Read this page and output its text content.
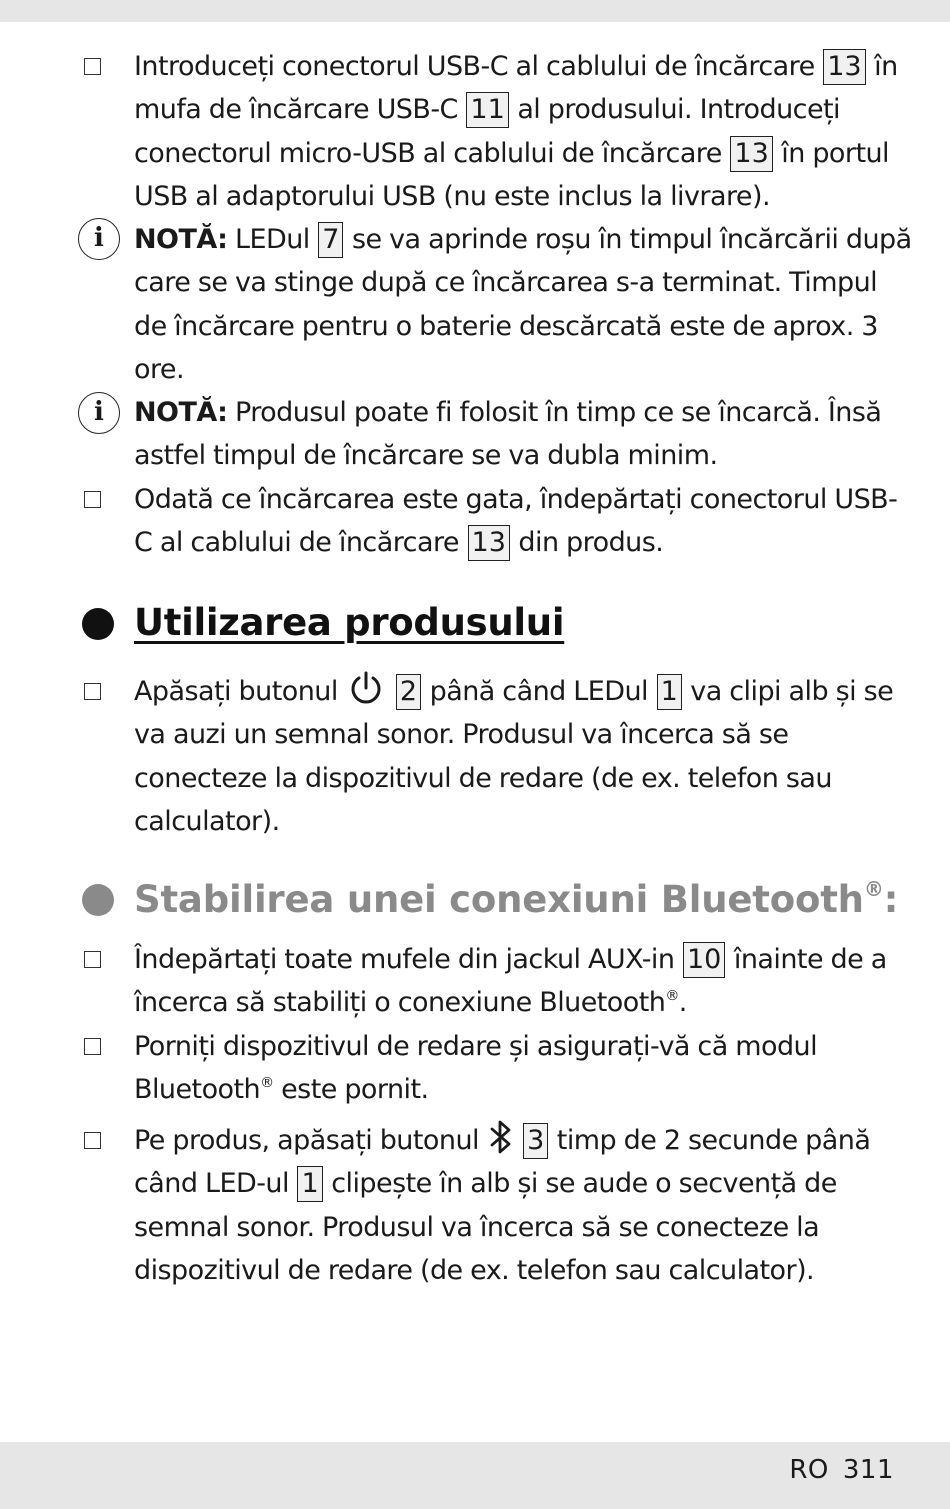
Introduceți conectorul USB-C al cablului de încărcare 13 în mufa de încărcare USB-C 11 al produsului. Introduceți conectorul micro-USB al cablului de încărcare 13 în portul USB al adaptorului USB (nu este inclus la livrare).
i	NOTĂ: LEDul 7 se va aprinde roșu în timpul încărcării după care se va stinge după ce încărcarea s-a terminat. Timpul de încărcare pentru o baterie descărcată este de aprox. 3 ore.
i	NOTĂ: Produsul poate fi folosit în timp ce se încarcă. Însă astfel timpul de încărcare se va dubla minim.
Odată ce încărcarea este gata, îndepărtați conectorul USB-C al cablului de încărcare 13 din produs.
Utilizarea produsului
Apăsați butonul 2 până când LEDul 1 va clipi alb și se va auzi un semnal sonor. Produsul va încerca să se conecteze la dispozitivul de redare (de ex. telefon sau calculator).
Stabilirea unei conexiuni Bluetooth®:
Îndepărtați toate mufele din jackul AUX-in 10 înainte de a încerca să stabiliți o conexiune Bluetooth®.
Porniți dispozitivul de redare și asigurați-vă că modul Bluetooth® este pornit.
Pe produs, apăsați butonul 3 timp de 2 secunde până când LED-ul 1 clipește în alb și se aude o secvență de semnal sonor. Produsul va încerca să se conecteze la dispozitivul de redare (de ex. telefon sau calculator).
RO 311
